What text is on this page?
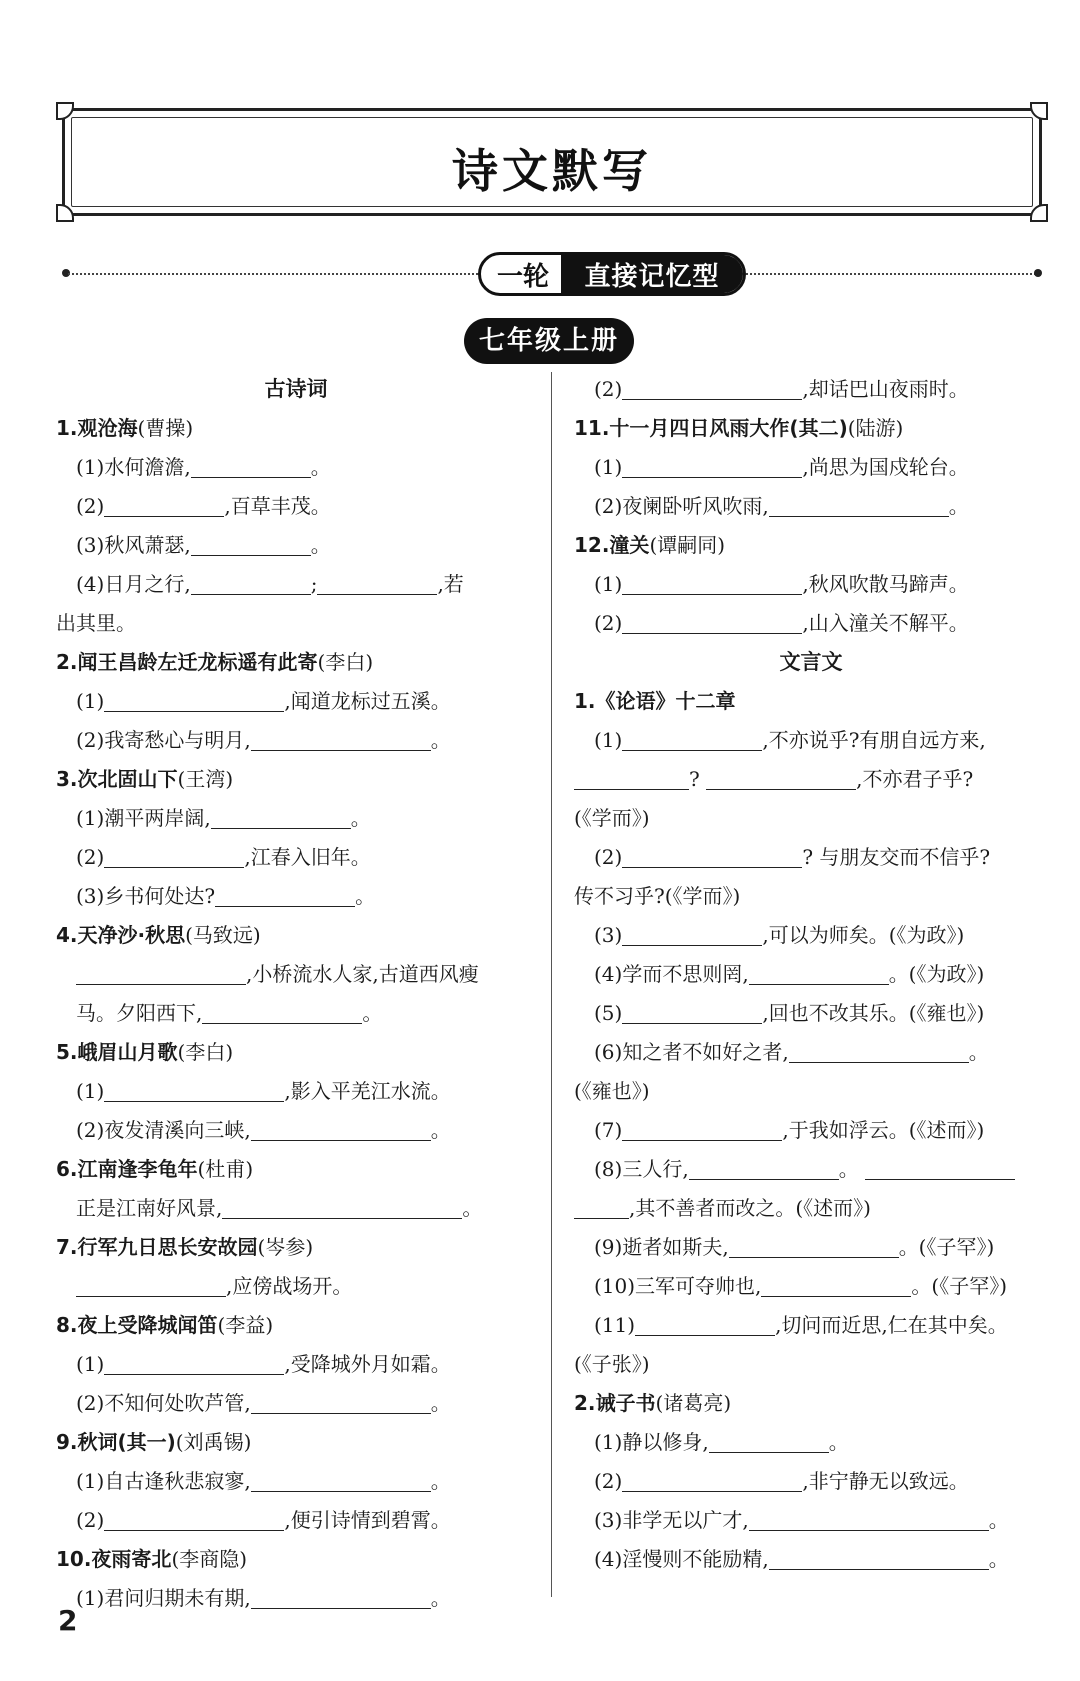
诗文默写
一轮	直接记忆型
七年级上册
古诗词
1.观沧海(曹操)
(1)水何澹澹,	。
(2)	,百草丰茂。
(3)秋风萧瑟,	。
(4)日月之行,	;	,若
出其里。
2.闻王昌龄左迁龙标遥有此寄(李白)
(1)	,闻道龙标过五溪。
(2)我寄愁心与明月,	。
3.次北固山下(王湾)
(1)潮平两岸阔,	。
(2)	,江春入旧年。
(3)乡书何处达?	。
4.天净沙·秋思(马致远)
,小桥流水人家,古道西风瘦
马。夕阳西下,	。
5.峨眉山月歌(李白)
(1)	,影入平羌江水流。
(2)夜发清溪向三峡,	。
6.江南逢李龟年(杜甫)
正是江南好风景,	。
7.行军九日思长安故园(岑参)
,应傍战场开。
8.夜上受降城闻笛(李益)
(1)	,受降城外月如霜。
(2)不知何处吹芦管,	。
9.秋词(其一)(刘禹锡)
(1)自古逢秋悲寂寥,	。
(2)	,便引诗情到碧霄。
10.夜雨寄北(李商隐)
(1)君问归期未有期,	。
(2)	,却话巴山夜雨时。
11.十一月四日风雨大作(其二)(陆游)
(1)	,尚思为国戍轮台。
(2)夜阑卧听风吹雨,	。
12.潼关(谭嗣同)
(1)	,秋风吹散马蹄声。
(2)	,山入潼关不解平。
文言文
1.《论语》十二章
(1)	,不亦说乎?有朋自远方来,
?	,不亦君子乎?
(《学而》)
(2)	? 与朋友交而不信乎?
传不习乎?(《学而》)
(3)	,可以为师矣。(《为政》)
(4)学而不思则罔,	。(《为政》)
(5)	,回也不改其乐。(《雍也》)
(6)知之者不如好之者,	。
(《雍也》)
(7)	,于我如浮云。(《述而》)
(8)三人行,	。
,其不善者而改之。(《述而》)
(9)逝者如斯夫,	。(《子罕》)
(10)三军可夺帅也,	。(《子罕》)
(11)	,切问而近思,仁在其中矣。
(《子张》)
2.诫子书(诸葛亮)
(1)静以修身,	。
(2)	,非宁静无以致远。
(3)非学无以广才,	。
(4)淫慢则不能励精,	。
2
